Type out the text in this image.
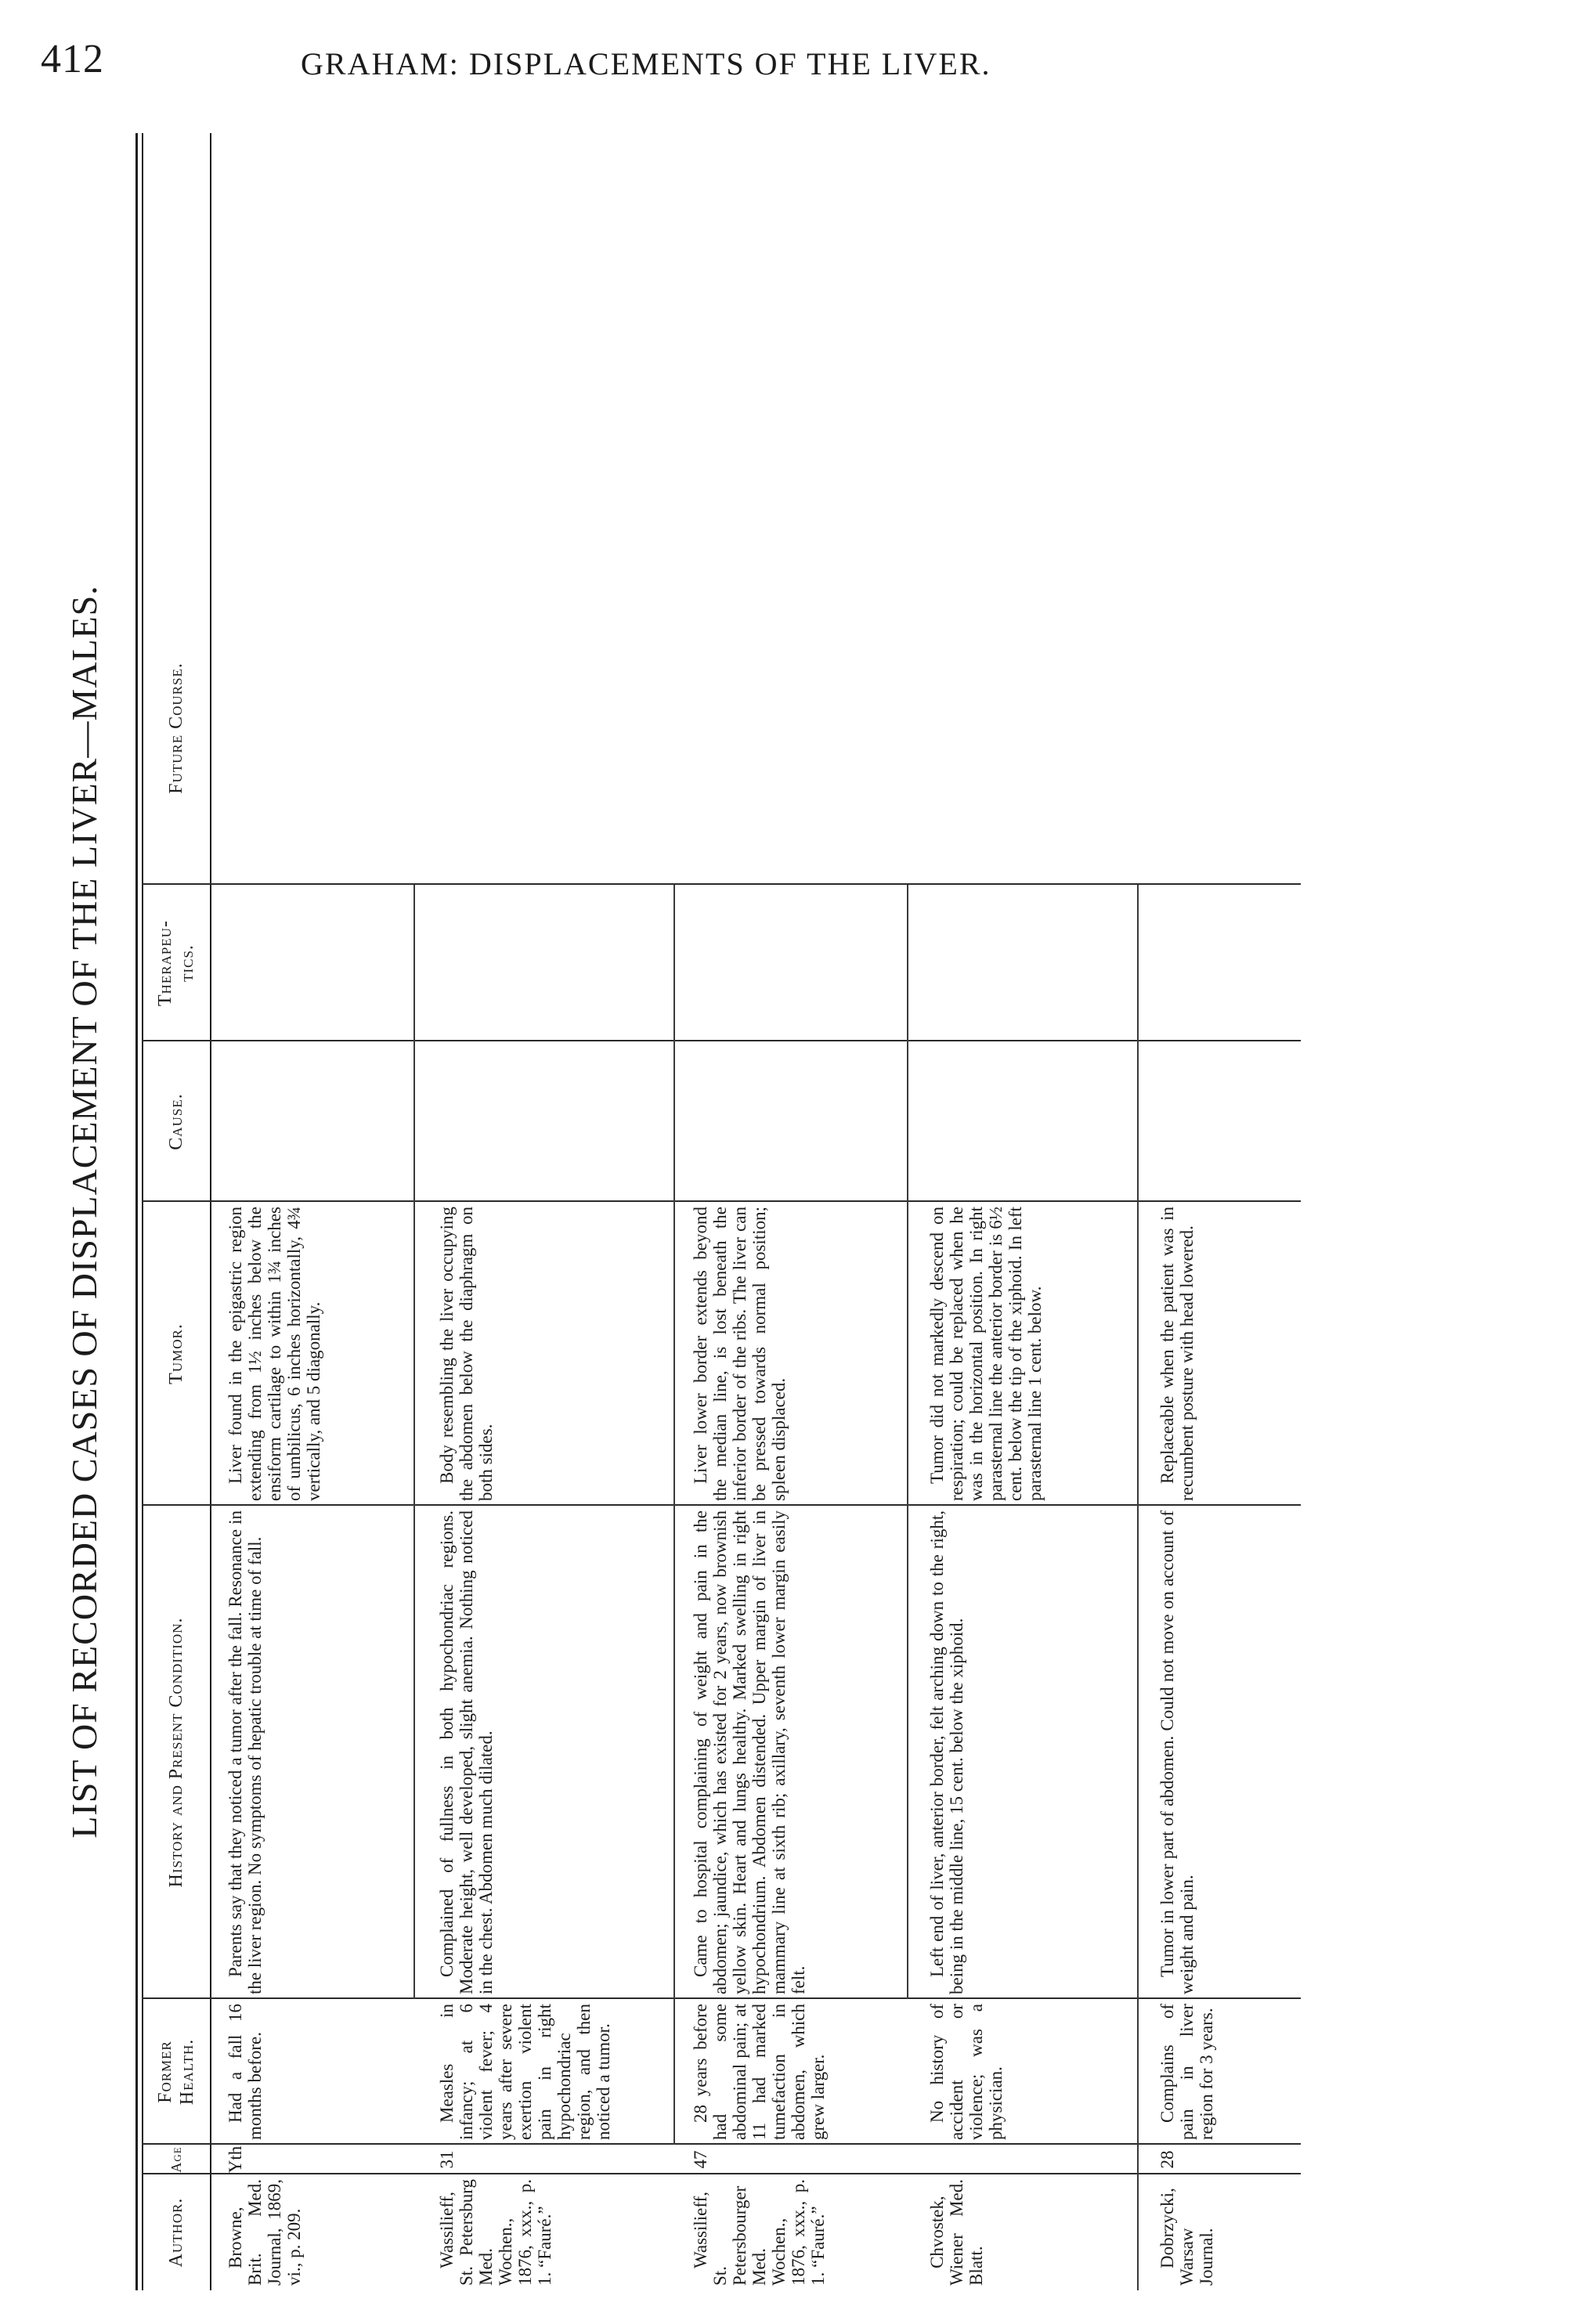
412	GRAHAM: DISPLACEMENTS OF THE LIVER.
LIST OF RECORDED CASES OF DISPLACEMENT OF THE LIVER—MALES.
Author.
Age
Former Health.
History and Present Condition.
Tumor.
Cause.
Therapeu-tics.
Future Course.
Browne, Brit. Med. Journal, 1869, vi., p. 209.
Yth
Had a fall 16 months before.
Parents say that they noticed a tumor after the fall. Resonance in the liver region. No symptoms of hepatic trouble at time of fall.
Liver found in the epigastric region extending from 1½ inches below the ensiform cartilage to within 1¾ inches of umbilicus, 6 inches horizontally, 4¾ vertically, and 5 diagonally.
Wassilieff, St. Petersburg Med. Wochen., 1876, xxx., p. 1. “Fauré.”
31
Measles in infancy; at 6 violent fever; 4 years after severe exertion violent pain in right hypochondriac region, and then noticed a tumor.
Complained of fullness in both hypochondriac regions. Moderate height, well developed, slight anemia. Nothing noticed in the chest. Abdomen much dilated.
Body resembling the liver occupying the abdomen below the diaphragm on both sides.
Wassilieff, St. Petersbourger Med. Wochen., 1876, xxx., p. 1. “Fauré.”
47
28 years before had some abdominal pain; at 11 had marked tumefaction in abdomen, which grew larger.
Came to hospital complaining of weight and pain in the abdomen; jaundice, which has existed for 2 years, now brownish yellow skin. Heart and lungs healthy. Marked swelling in right hypochondrium. Abdomen distended. Upper margin of liver in mammary line at sixth rib; axillary, seventh lower margin easily felt.
Liver lower border extends beyond the median line, is lost beneath the inferior border of the ribs. The liver can be pressed towards normal position; spleen displaced.
Chvostek, Wiener Med. Blatt.
No history of accident or violence; was a physician.
Left end of liver, anterior border, felt arching down to the right, being in the middle line, 15 cent. below the xiphoid.
Tumor did not markedly descend on respiration; could be replaced when he was in the horizontal position. In right parasternal line the anterior border is 6½ cent. below the tip of the xiphoid. In left parasternal line 1 cent. below.
Dobrzycki, Warsaw Journal.
28
Complains of pain in liver region for 3 years.
Tumor in lower part of abdomen. Could not move on account of weight and pain.
Replaceable when the patient was in recumbent posture with head lowered.
